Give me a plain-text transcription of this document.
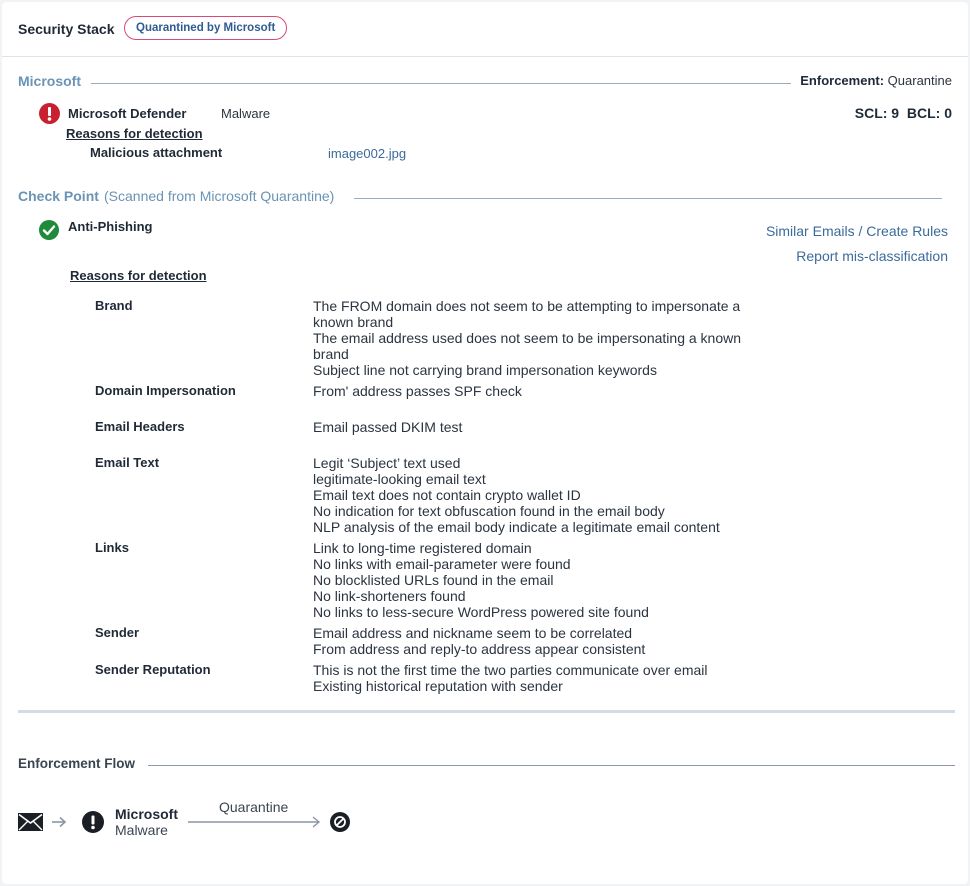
Security Stack	Quarantined by Microsoft
Microsoft	Enforcement: Quarantine
Microsoft Defender	Malware	SCL: 9 BCL: 0
Reasons for detection
Malicious attachment	image002.jpg
Check Point (Scanned from Microsoft Quarantine)
Anti-Phishing	Similar Emails / Create Rules
Report mis-classification
Reasons for detection
Brand	The FROM domain does not seem to be attempting to impersonate a
known brand
The email address used does not seem to be impersonating a known
brand
Subject line not carrying brand impersonation keywords
Domain Impersonation	From' address passes SPF check
Email Headers	Email passed DKIM test
Email Text	Legit ‘Subject’ text used
legitimate-looking email text
Email text does not contain crypto wallet ID
No indication for text obfuscation found in the email body
NLP analysis of the email body indicate a legitimate email content
Links	Link to long-time registered domain
No links with email-parameter were found
No blocklisted URLs found in the email
No link-shorteners found
No links to less-secure WordPress powered site found
Sender	Email address and nickname seem to be correlated
From address and reply-to address appear consistent
Sender Reputation	This is not the first time the two parties communicate over email
Existing historical reputation with sender
Enforcement Flow
Microsoft
Malware
Quarantine
